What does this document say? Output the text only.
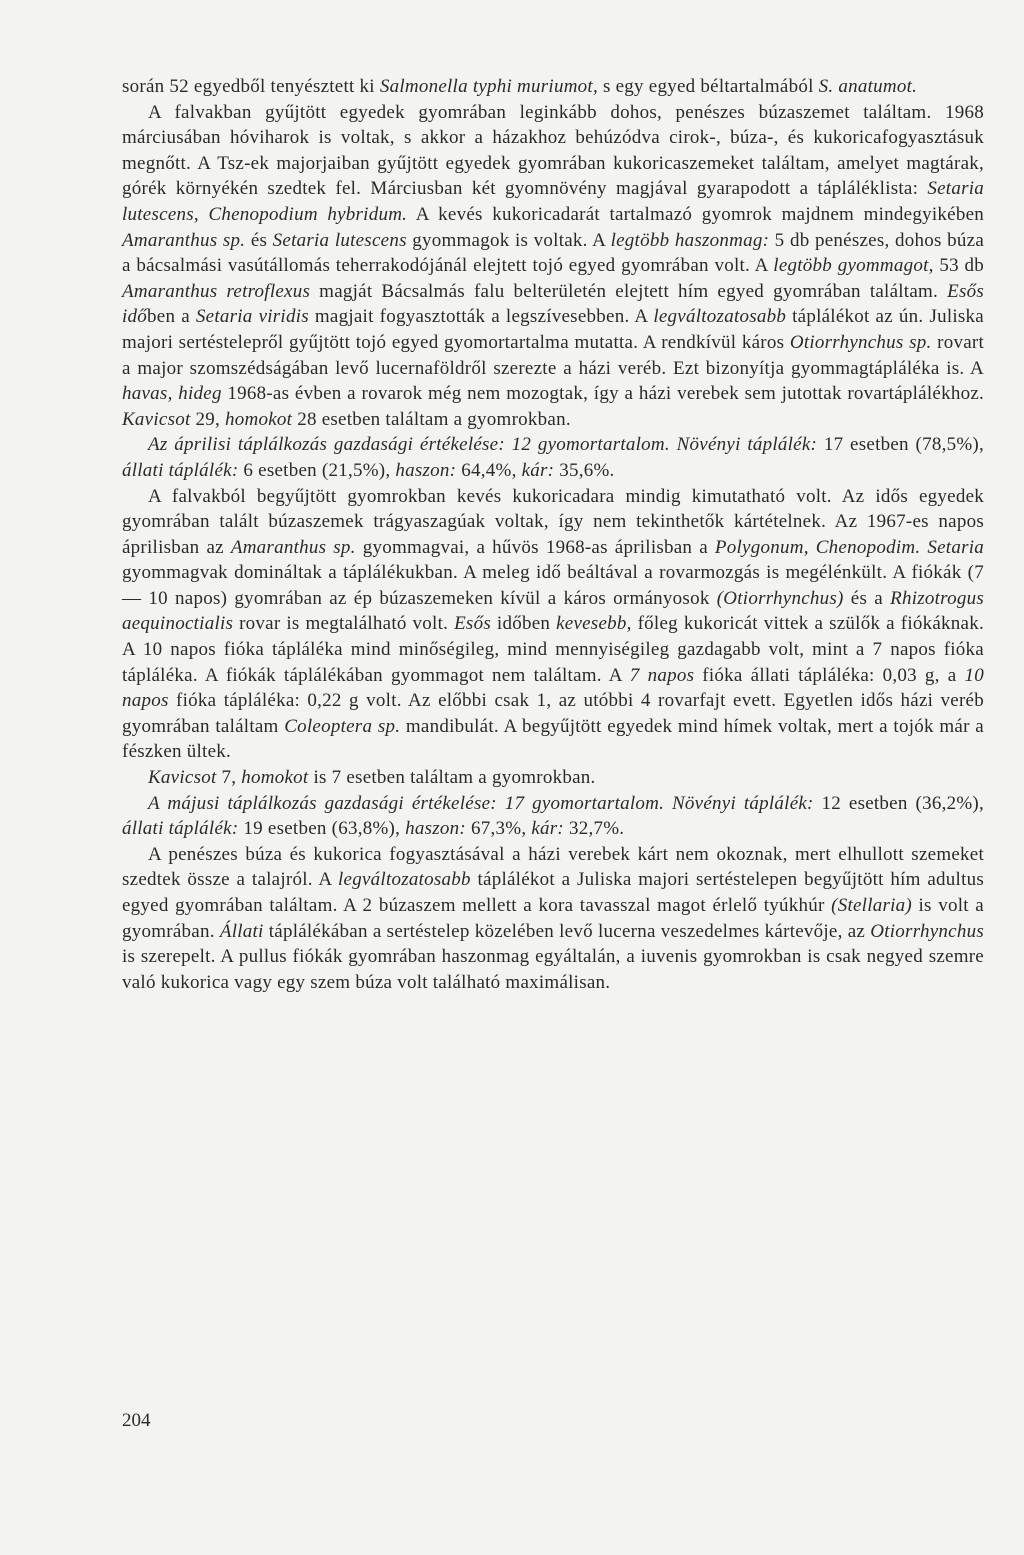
során 52 egyedből tenyésztett ki Salmonella typhi muriumot, s egy egyed béltartalmából S. anatumot.

A falvakban gyűjtött egyedek gyomrában leginkább dohos, penészes búzaszemet találtam. 1968 márciusában hóviharok is voltak, s akkor a házakhoz behúzódva cirok-, búza-, és kukoricafogyasztásuk megnőtt. A Tsz-ek majorjaiban gyűjtött egyedek gyomrában kukoricaszemeket találtam, amelyet magtárak, górék környékén szedtek fel. Márciusban két gyomnövény magjával gyarapodott a tápláléklista: Setaria lutescens, Chenopodium hybridum. A kevés kukoricadarát tartalmazó gyomrok majdnem mindegyikében Amaranthus sp. és Setaria lutescens gyommagok is voltak. A legtöbb haszonmag: 5 db penészes, dohos búza a bácsalmási vasútállomás teherrakodójánál elejtett tojó egyed gyomrában volt. A legtöbb gyommagot, 53 db Amaranthus retroflexus magját Bácsalmás falu belterületén elejtett hím egyed gyomrában találtam. Esős időben a Setaria viridis magjait fogyasztották a legszívesebben. A legváltozatosabb táplálékot az ún. Juliska majori sertéstelepről gyűjtött tojó egyed gyomortartalma mutatta. A rendkívül káros Otiorrhynchus sp. rovart a major szomszédságában levő lucernaföldről szerezte a házi veréb. Ezt bizonyítja gyommagtápláléka is. A havas, hideg 1968-as évben a rovarok még nem mozogtak, így a házi verebek sem jutottak rovartáplálékhoz. Kavicsot 29, homokot 28 esetben találtam a gyomrokban.

Az áprilisi táplálkozás gazdasági értékelése: 12 gyomortartalom. Növényi táplálék: 17 esetben (78,5%), állati táplálék: 6 esetben (21,5%), haszon: 64,4%, kár: 35,6%.

A falvakból begyűjtött gyomrokban kevés kukoricadara mindig kimutatható volt. Az idős egyedek gyomrában talált búzaszemek trágyaszagúak voltak, így nem tekinthetők kártételnek. Az 1967-es napos áprilisban az Amaranthus sp. gyommagvai, a hűvös 1968-as áprilisban a Polygonum, Chenopodim. Setaria gyommagvak domináltak a táplálékukban. A meleg idő beáltával a rovarmozgás is megélénkült. A fiókák (7 — 10 napos) gyomrában az ép búzaszemeken kívül a káros ormányosok (Otiorrhynchus) és a Rhizotrogus aequinoctialis rovar is megtalálható volt. Esős időben kevesebb, főleg kukoricát vittek a szülők a fiókáknak. A 10 napos fióka táplálékа mind minőségileg, mind mennyiségileg gazdagabb volt, mint a 7 napos fióka tápláléka. A fiókák táplálékában gyommagot nem találtam. A 7 napos fióka állati tápláléka: 0,03 g, a 10 napos fióka tápláléka: 0,22 g volt. Az előbbi csak 1, az utóbbi 4 rovarfajt evett. Egyetlen idős házi veréb gyomrában találtam Coleoptera sp. mandibulát. A begyűjtött egyedek mind hímek voltak, mert a tojók már a fészken ültek.

Kavicsot 7, homokot is 7 esetben találtam a gyomrokban.

A májusi táplálkozás gazdasági értékelése: 17 gyomortartalom. Növényi táplálék: 12 esetben (36,2%), állati táplálék: 19 esetben (63,8%), haszon: 67,3%, kár: 32,7%.

A penészes búza és kukorica fogyasztásával a házi verebek kárt nem okoznak, mert elhullott szemeket szedtek össze a talajról. A legváltozatosabb táplálékot a Juliska majori sertéstelepen begyűjtött hím adultus egyed gyomrában találtam. A 2 búzaszem mellett a kora tavasszal magot érlelő tyúkhúr (Stellaria) is volt a gyomrában. Állati táplálékában a sertéstelep közelében levő lucerna veszedelmes kártevője, az Otiorrhynchus is szerepelt. A pullus fiókák gyomrában haszonmag egyáltalán, a iuvenis gyomrokban is csak negyed szemre való kukorica vagy egy szem búza volt található maximálisan.

204
